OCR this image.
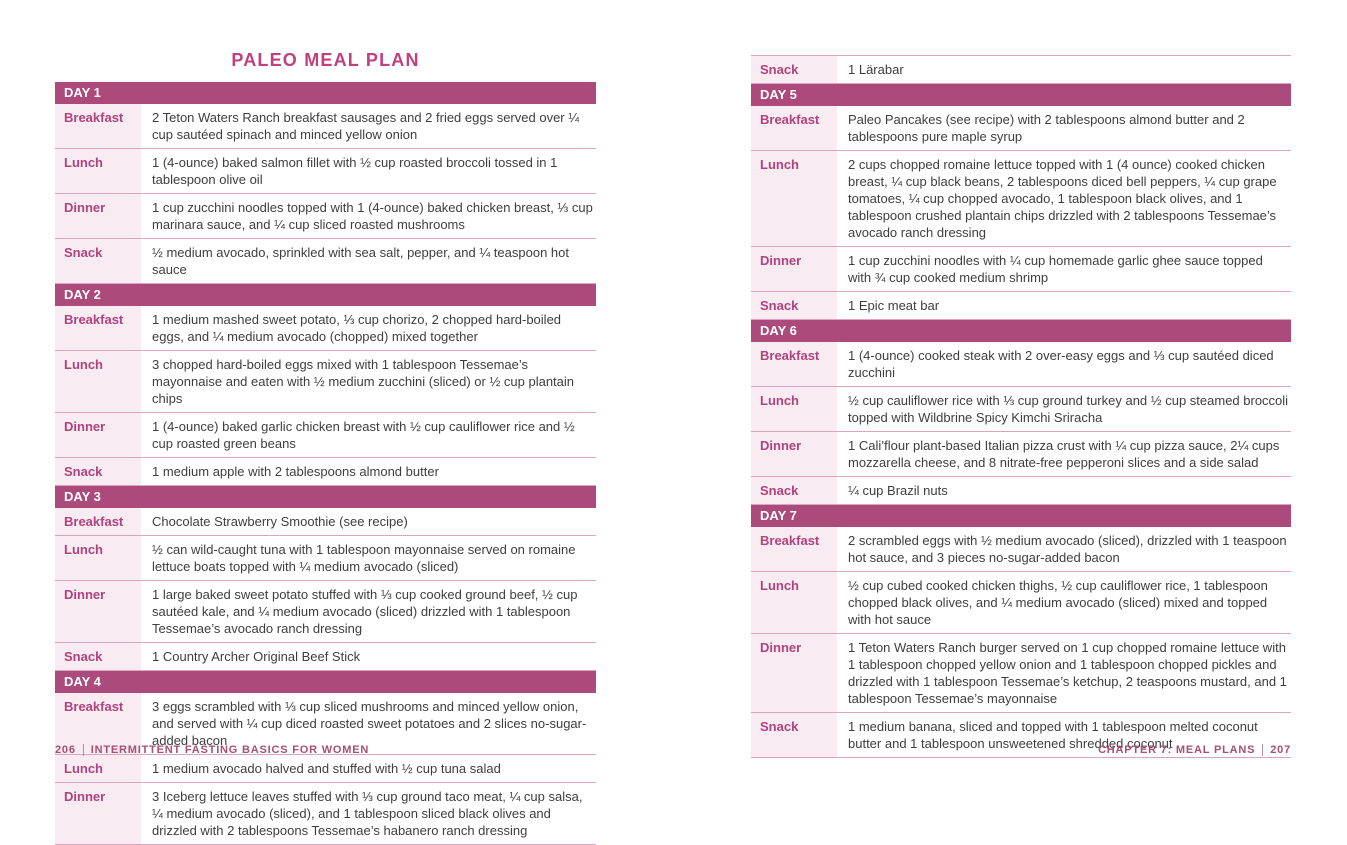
PALEO MEAL PLAN
DAY 1
Breakfast	2 Teton Waters Ranch breakfast sausages and 2 fried eggs served over ¼ cup sautéed spinach and minced yellow onion
Lunch	1 (4-ounce) baked salmon fillet with ½ cup roasted broccoli tossed in 1 tablespoon olive oil
Dinner	1 cup zucchini noodles topped with 1 (4-ounce) baked chicken breast, ⅓ cup marinara sauce, and ¼ cup sliced roasted mushrooms
Snack	½ medium avocado, sprinkled with sea salt, pepper, and ¼ teaspoon hot sauce
DAY 2
Breakfast	1 medium mashed sweet potato, ⅓ cup chorizo, 2 chopped hard-boiled eggs, and ¼ medium avocado (chopped) mixed together
Lunch	3 chopped hard-boiled eggs mixed with 1 tablespoon Tessemae’s mayonnaise and eaten with ½ medium zucchini (sliced) or ½ cup plantain chips
Dinner	1 (4-ounce) baked garlic chicken breast with ½ cup cauliflower rice and ½ cup roasted green beans
Snack	1 medium apple with 2 tablespoons almond butter
DAY 3
Breakfast	Chocolate Strawberry Smoothie (see recipe)
Lunch	½ can wild-caught tuna with 1 tablespoon mayonnaise served on romaine lettuce boats topped with ¼ medium avocado (sliced)
Dinner	1 large baked sweet potato stuffed with ⅓ cup cooked ground beef, ½ cup sautéed kale, and ¼ medium avocado (sliced) drizzled with 1 tablespoon Tessemae’s avocado ranch dressing
Snack	1 Country Archer Original Beef Stick
DAY 4
Breakfast	3 eggs scrambled with ⅓ cup sliced mushrooms and minced yellow onion, and served with ¼ cup diced roasted sweet potatoes and 2 slices no-sugar-added bacon
Lunch	1 medium avocado halved and stuffed with ½ cup tuna salad
Dinner	3 Iceberg lettuce leaves stuffed with ⅓ cup ground taco meat, ¼ cup salsa, ¼ medium avocado (sliced), and 1 tablespoon sliced black olives and drizzled with 2 tablespoons Tessemae’s habanero ranch dressing
Snack	1 Lärabar
DAY 5
Breakfast	Paleo Pancakes (see recipe) with 2 tablespoons almond butter and 2 tablespoons pure maple syrup
Lunch	2 cups chopped romaine lettuce topped with 1 (4 ounce) cooked chicken breast, ¼ cup black beans, 2 tablespoons diced bell peppers, ¼ cup grape tomatoes, ¼ cup chopped avocado, 1 tablespoon black olives, and 1 tablespoon crushed plantain chips drizzled with 2 tablespoons Tessemae’s avocado ranch dressing
Dinner	1 cup zucchini noodles with ¼ cup homemade garlic ghee sauce topped with ¾ cup cooked medium shrimp
Snack	1 Epic meat bar
DAY 6
Breakfast	1 (4-ounce) cooked steak with 2 over-easy eggs and ⅓ cup sautéed diced zucchini
Lunch	½ cup cauliflower rice with ⅓ cup ground turkey and ½ cup steamed broccoli topped with Wildbrine Spicy Kimchi Sriracha
Dinner	1 Cali’flour plant-based Italian pizza crust with ¼ cup pizza sauce, 2¼ cups mozzarella cheese, and 8 nitrate-free pepperoni slices and a side salad
Snack	¼ cup Brazil nuts
DAY 7
Breakfast	2 scrambled eggs with ½ medium avocado (sliced), drizzled with 1 teaspoon hot sauce, and 3 pieces no-sugar-added bacon
Lunch	½ cup cubed cooked chicken thighs, ½ cup cauliflower rice, 1 tablespoon chopped black olives, and ¼ medium avocado (sliced) mixed and topped with hot sauce
Dinner	1 Teton Waters Ranch burger served on 1 cup chopped romaine lettuce with 1 tablespoon chopped yellow onion and 1 tablespoon chopped pickles and drizzled with 1 tablespoon Tessemae’s ketchup, 2 teaspoons mustard, and 1 tablespoon Tessemae’s mayonnaise
Snack	1 medium banana, sliced and topped with 1 tablespoon melted coconut butter and 1 tablespoon unsweetened shredded coconut
206 INTERMITTENT FASTING BASICS FOR WOMEN	CHAPTER 7: MEAL PLANS 207
